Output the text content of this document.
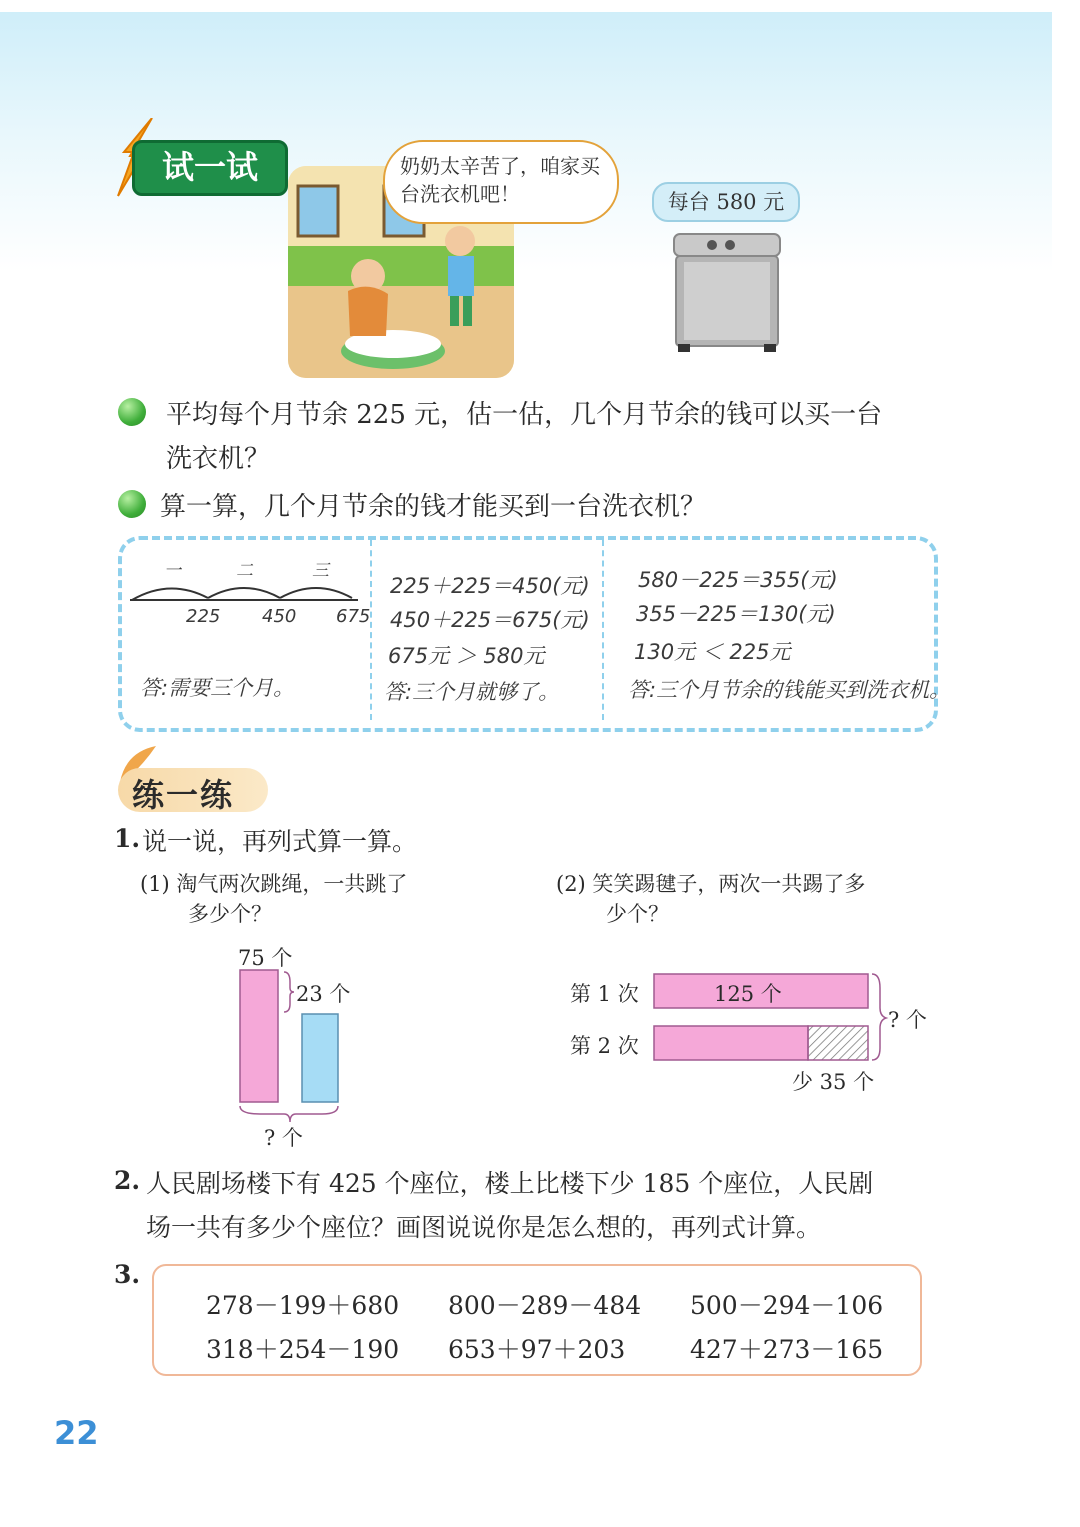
试一试	奶奶太辛苦了，咱家买台洗衣机吧！	每台 580 元
平均每个月节余 225 元，估一估，几个月节余的钱可以买一台
洗衣机？
算一算，几个月节余的钱才能买到一台洗衣机？
一	二	三
225 450 675
答:需要三个月。
225＋225＝450(元)
450＋225＝675(元)
675元 ＞ 580元
答:三个月就够了。
580－225＝355(元)
355－225＝130(元)
130元 ＜ 225元
答:三个月节余的钱能买到洗衣机。
练一练
1. 说一说，再列式算一算。
(1) 淘气两次跳绳，一共跳了
多少个？
(2) 笑笑踢毽子，两次一共踢了多
少个？
75 个
23 个
? 个
第 1 次
第 2 次
125 个
? 个
少 35 个
2. 人民剧场楼下有 425 个座位，楼上比楼下少 185 个座位，人民剧
场一共有多少个座位？画图说说你是怎么想的，再列式计算。
3.
278－199＋680 800－289－484 500－294－106
318＋254－190 653＋97＋203	427＋273－165
22
